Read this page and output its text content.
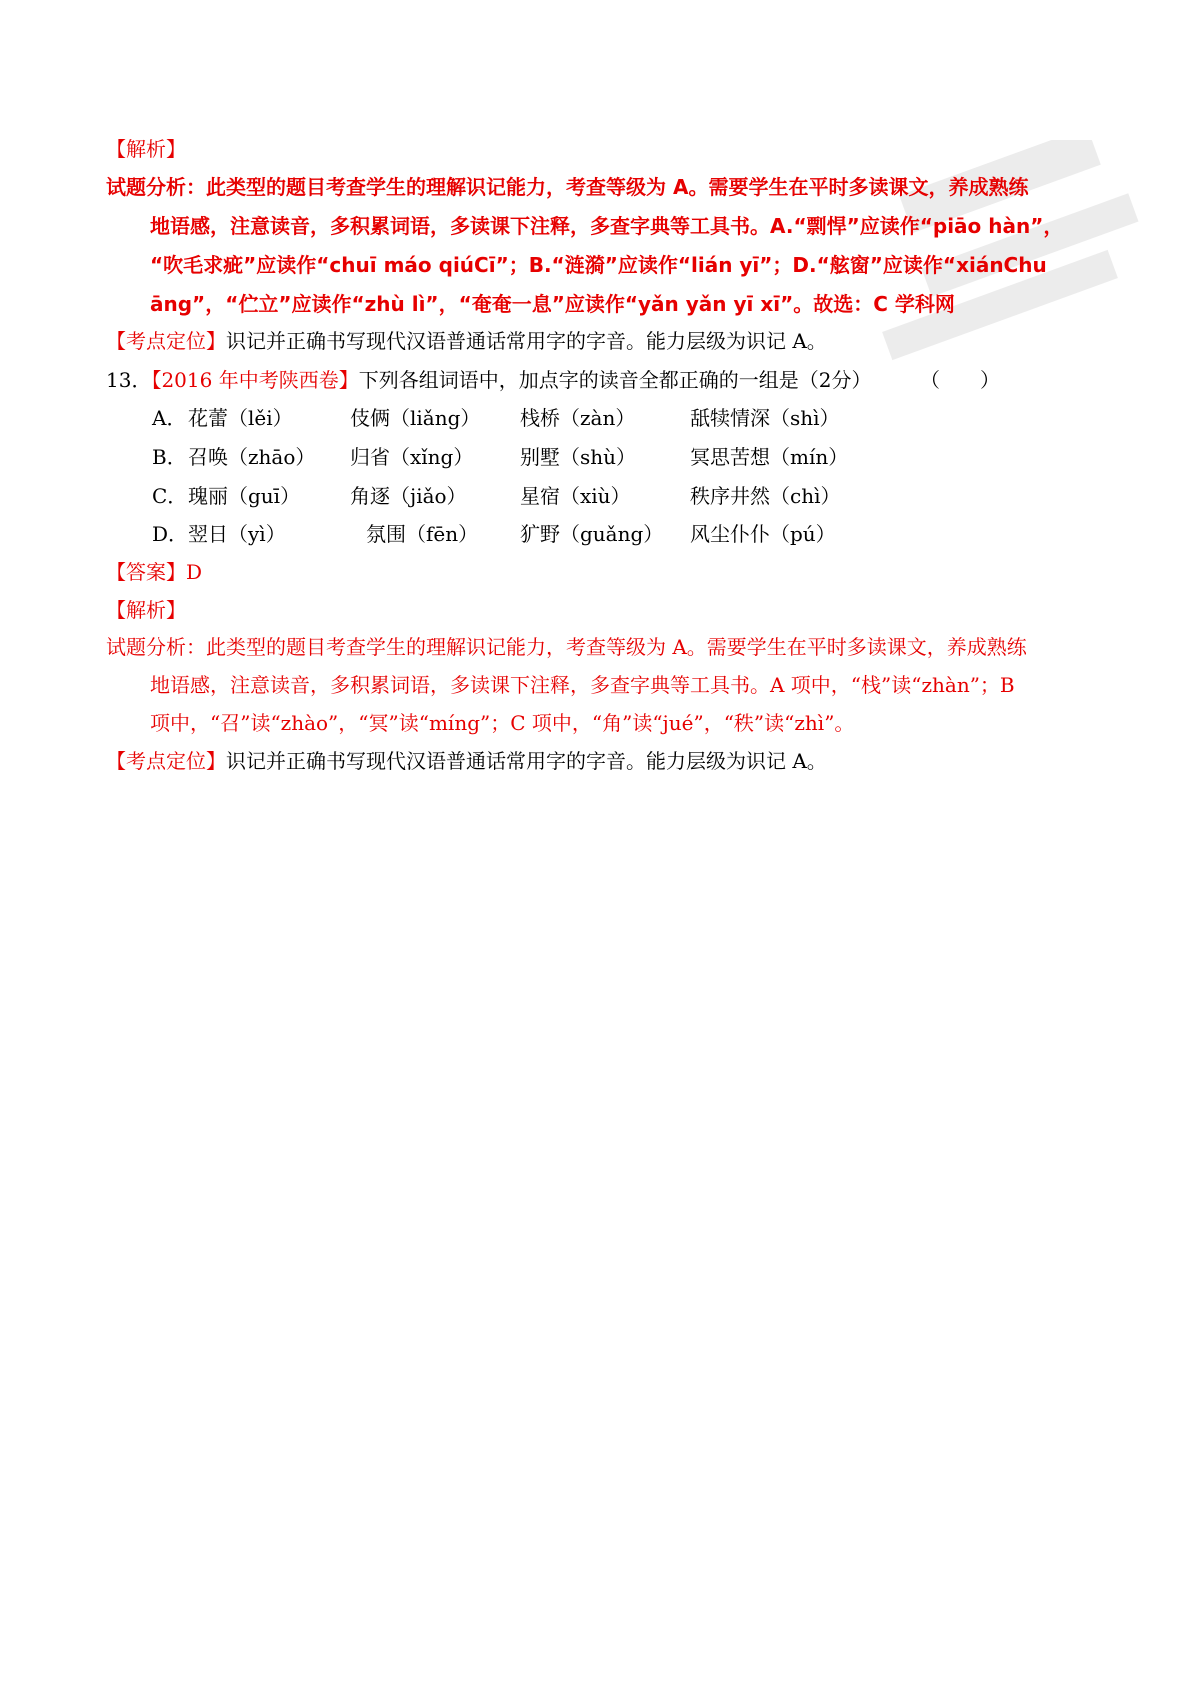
【解析】
试题分析：此类型的题目考查学生的理解识记能力，考查等级为 A。需要学生在平时多读课文，养成熟练
地语感，注意读音，多积累词语，多读课下注释，多查字典等工具书。A.“剽悍”应读作“piāo hàn”，
“吹毛求疵”应读作“chuī máo qiúCī”；B.“涟漪”应读作“lián yī”；D.“舷窗”应读作“xiánChu
āng”，“伫立”应读作“zhù lì”，“奄奄一息”应读作“yǎn yǎn yī xī”。故选：C 学科网
【考点定位】识记并正确书写现代汉语普通话常用字的字音。能力层级为识记 A。
13．【2016 年中考陕西卷】下列各组词语中，加点字的读音全都正确的一组是（2分） （　　）
A． 花蕾（lěi）	伎俩（liǎng） 栈桥（zàn）	舐犊情深（shì）
B． 召唤（zhāo） 归省（xǐng） 别墅（shù）	冥思苦想（mín）
C． 瑰丽（guī） 角逐（jiǎo）	星宿（xiù）	秩序井然（chì）
D． 翌日（yì）	氛围（fēn） 犷野（guǎng） 风尘仆仆（pú）
【答案】D
【解析】
试题分析：此类型的题目考查学生的理解识记能力，考查等级为 A。需要学生在平时多读课文，养成熟练
地语感，注意读音，多积累词语，多读课下注释，多查字典等工具书。A 项中，“栈”读“zhàn”；B
项中，“召”读“zhào”，“冥”读“míng”；C 项中，“角”读“jué”，“秩”读“zhì”。
【考点定位】识记并正确书写现代汉语普通话常用字的字音。能力层级为识记 A。
